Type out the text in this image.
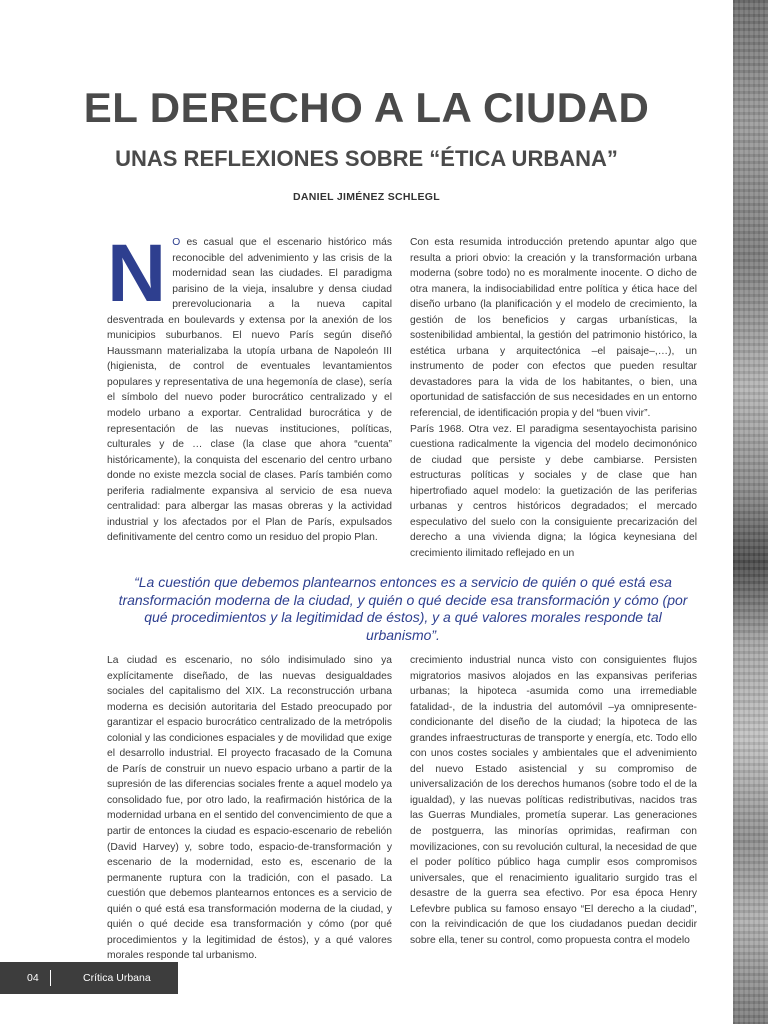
EL DERECHO A LA CIUDAD
UNAS REFLEXIONES SOBRE “ÉTICA URBANA”
DANIEL JIMÉNEZ SCHLEGL
N O es casual que el escenario histórico más reconocible del advenimiento y las crisis de la modernidad sean las ciudades. El paradigma parisino de la vieja, insalubre y densa ciudad prerevolucionaria a la nueva capital desventrada en boulevards y extensa por la anexión de los municipios suburbanos. El nuevo París según diseñó Haussmann materializaba la utopía urbana de Napoleón III (higienista, de control de eventuales levantamientos populares y representativa de una hegemonía de clase), sería el símbolo del nuevo poder burocrático centralizado y el modelo urbano a exportar. Centralidad burocrática y de representación de las nuevas instituciones, políticas, culturales y de … clase (la clase que ahora “cuenta” históricamente), la conquista del escenario del centro urbano donde no existe mezcla social de clases. París también como periferia radialmente expansiva al servicio de esa nueva centralidad: para albergar las masas obreras y la actividad industrial y los afectados por el Plan de París, expulsados definitivamente del centro como un residuo del propio Plan.

Con esta resumida introducción pretendo apuntar algo que resulta a priori obvio: la creación y la transformación urbana moderna (sobre todo) no es moralmente inocente. O dicho de otra manera, la indisociabilidad entre política y ética hace del diseño urbano (la planificación y el modelo de crecimiento, la gestión de los beneficios y cargas urbanísticas, la sostenibilidad ambiental, la gestión del patrimonio histórico, la estética urbana y arquitectónica –el paisaje–,…), un instrumento de poder con efectos que pueden resultar devastadores para la vida de los habitantes, o bien, una oportunidad de satisfacción de sus necesidades en un entorno referencial, de identificación propia y del “buen vivir”.

París 1968. Otra vez. El paradigma sesentayochista parisino cuestiona radicalmente la vigencia del modelo decimonónico de ciudad que persiste y debe cambiarse. Persisten estructuras políticas y sociales y de clase que han hipertrofiado aquel modelo: la guetización de las periferias urbanas y centros históricos degradados; el mercado especulativo del suelo con la consiguiente precarización del derecho a una vivienda digna; la lógica keynesiana del crecimiento ilimitado reflejado en un

“La cuestión que debemos plantearnos entonces es a servicio de quién o qué está esa transformación moderna de la ciudad, y quién o qué decide esa transformación y cómo (por qué procedimientos y la legitimidad de éstos), y a qué valores morales responde tal urbanismo”.

La ciudad es escenario, no sólo indisimulado sino ya explícitamente diseñado, de las nuevas desigualdades sociales del capitalismo del XIX. La reconstrucción urbana moderna es decisión autoritaria del Estado preocupado por garantizar el espacio burocrático centralizado de la metrópolis colonial y las condiciones espaciales y de movilidad que exige el desarrollo industrial. El proyecto fracasado de la Comuna de París de construir un nuevo espacio urbano a partir de la supresión de las diferencias sociales frente a aquel modelo ya consolidado fue, por otro lado, la reafirmación histórica de la modernidad urbana en el sentido del convencimiento de que a partir de entonces la ciudad es espacio-escenario de rebelión (David Harvey) y, sobre todo, espacio-de-transformación y escenario de la modernidad, esto es, escenario de la permanente ruptura con la tradición, con el pasado. La cuestión que debemos plantearnos entonces es a servicio de quién o qué está esa transformación moderna de la ciudad, y quién o qué decide esa transformación y cómo (por qué procedimientos y la legitimidad de éstos), y a qué valores morales responde tal urbanismo.

crecimiento industrial nunca visto con consiguientes flujos migratorios masivos alojados en las expansivas periferias urbanas; la hipoteca -asumida como una irremediable fatalidad-, de la industria del automóvil –ya omnipresente-condicionante del diseño de la ciudad; la hipoteca de las grandes infraestructuras de transporte y energía, etc. Todo ello con unos costes sociales y ambientales que el advenimiento del nuevo Estado asistencial y su compromiso de universalización de los derechos humanos (sobre todo el de la igualdad), y las nuevas políticas redistributivas, nacidos tras las Guerras Mundiales, prometía superar. Las generaciones de postguerra, las minorías oprimidas, reafirman con movilizaciones, con su revolución cultural, la necesidad de que el poder político público haga cumplir esos compromisos universales, que el renacimiento igualitario surgido tras el desastre de la guerra sea efectivo. Por esa época Henry Lefevbre publica su famoso ensayo “El derecho a la ciudad”, con la reivindicación de que los ciudadanos puedan decidir sobre ella, tener su control, como propuesta contra el modelo

04	Crítica Urbana
